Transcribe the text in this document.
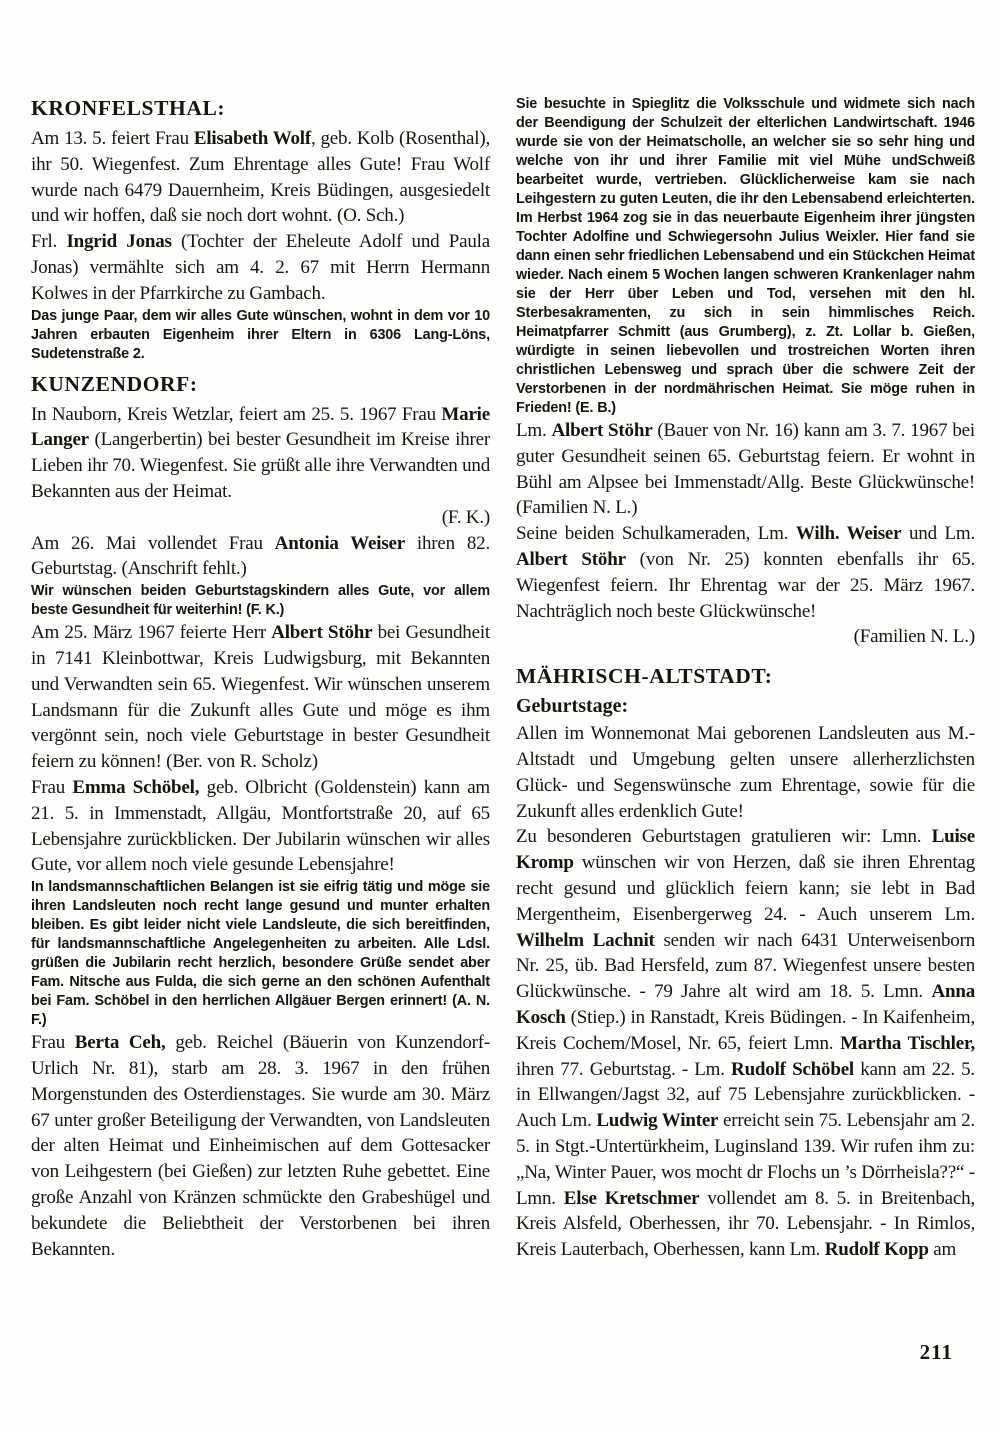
KRONFELSTHAL:

Am 13. 5. feiert Frau Elisabeth Wolf, geb. Kolb (Rosenthal), ihr 50. Wiegenfest. Zum Ehrentage alles Gute! Frau Wolf wurde nach 6479 Dauernheim, Kreis Büdingen, ausgesiedelt und wir hoffen, daß sie noch dort wohnt. (O. Sch.)

Frl. Ingrid Jonas (Tochter der Eheleute Adolf und Paula Jonas) vermählte sich am 4. 2. 67 mit Herrn Hermann Kolwes in der Pfarrkirche zu Gambach.

Das junge Paar, dem wir alles Gute wünschen, wohnt in dem vor 10 Jahren erbauten Eigenheim ihrer Eltern in 6306 Lang-Löns, Sudetenstraße 2.

KUNZENDORF:

In Nauborn, Kreis Wetzlar, feiert am 25. 5. 1967 Frau Marie Langer (Langerbertin) bei bester Gesundheit im Kreise ihrer Lieben ihr 70. Wiegenfest. Sie grüßt alle ihre Verwandten und Bekannten aus der Heimat.

(F. K.)

Am 26. Mai vollendet Frau Antonia Weiser ihren 82. Geburtstag. (Anschrift fehlt.)

Wir wünschen beiden Geburtstagskindern alles Gute, vor allem beste Gesundheit für weiterhin! (F. K.)

Am 25. März 1967 feierte Herr Albert Stöhr bei Gesundheit in 7141 Kleinbottwar, Kreis Ludwigsburg, mit Bekannten und Verwandten sein 65. Wiegenfest. Wir wünschen unserem Landsmann für die Zukunft alles Gute und möge es ihm vergönnt sein, noch viele Geburtstage in bester Gesundheit feiern zu können! (Ber. von R. Scholz)

Frau Emma Schöbel, geb. Olbricht (Goldenstein) kann am 21. 5. in Immenstadt, Allgäu, Montfortstraße 20, auf 65 Lebensjahre zurückblicken. Der Jubilarin wünschen wir alles Gute, vor allem noch viele gesunde Lebensjahre!

In landsmannschaftlichen Belangen ist sie eifrig tätig und möge sie ihren Landsleuten noch recht lange gesund und munter erhalten bleiben. Es gibt leider nicht viele Landsleute, die sich bereitfinden, für landsmannschaftliche Angelegenheiten zu arbeiten. Alle Ldsl. grüßen die Jubilarin recht herzlich, besondere Grüße sendet aber Fam. Nitsche aus Fulda, die sich gerne an den schönen Aufenthalt bei Fam. Schöbel in den herrlichen Allgäuer Bergen erinnert! (A. N. F.)

Frau Berta Ceh, geb. Reichel (Bäuerin von Kunzendorf-Urlich Nr. 81), starb am 28. 3. 1967 in den frühen Morgenstunden des Osterdienstages. Sie wurde am 30. März 67 unter großer Beteiligung der Verwandten, von Landsleuten der alten Heimat und Einheimischen auf dem Gottesacker von Leihgestern (bei Gießen) zur letzten Ruhe gebettet. Eine große Anzahl von Kränzen schmückte den Grabeshügel und bekundete die Beliebtheit der Verstorbenen bei ihren Bekannten.

Sie besuchte in Spieglitz die Volksschule und widmete sich nach der Beendigung der Schulzeit der elterlichen Landwirtschaft. 1946 wurde sie von der Heimatscholle, an welcher sie so sehr hing und welche von ihr und ihrer Familie mit viel Mühe undSchweiß bearbeitet wurde, vertrieben. Glücklicherweise kam sie nach Leihgestern zu guten Leuten, die ihr den Lebensabend erleichterten. Im Herbst 1964 zog sie in das neuerbaute Eigenheim ihrer jüngsten Tochter Adolfine und Schwiegersohn Julius Weixler. Hier fand sie dann einen sehr friedlichen Lebensabend und ein Stückchen Heimat wieder. Nach einem 5 Wochen langen schweren Krankenlager nahm sie der Herr über Leben und Tod, versehen mit den hl. Sterbesakramenten, zu sich in sein himmlisches Reich. Heimatpfarrer Schmitt (aus Grumberg), z. Zt. Lollar b. Gießen, würdigte in seinen liebevollen und trostreichen Worten ihren christlichen Lebensweg und sprach über die schwere Zeit der Verstorbenen in der nordmährischen Heimat. Sie möge ruhen in Frieden! (E. B.)

Lm. Albert Stöhr (Bauer von Nr. 16) kann am 3. 7. 1967 bei guter Gesundheit seinen 65. Geburtstag feiern. Er wohnt in Bühl am Alpsee bei Immenstadt/Allg. Beste Glückwünsche! (Familien N. L.)

Seine beiden Schulkameraden, Lm. Wilh. Weiser und Lm. Albert Stöhr (von Nr. 25) konnten ebenfalls ihr 65. Wiegenfest feiern. Ihr Ehrentag war der 25. März 1967. Nachträglich noch beste Glückwünsche!

(Familien N. L.)

MÄHRISCH-ALTSTADT:

Geburtstage:

Allen im Wonnemonat Mai geborenen Landsleuten aus M.-Altstadt und Umgebung gelten unsere allerherzlichsten Glück- und Segenswünsche zum Ehrentage, sowie für die Zukunft alles erdenklich Gute!

Zu besonderen Geburtstagen gratulieren wir: Lmn. Luise Kromp wünschen wir von Herzen, daß sie ihren Ehrentag recht gesund und glücklich feiern kann; sie lebt in Bad Mergentheim, Eisenbergerweg 24. - Auch unserem Lm. Wilhelm Lachnit senden wir nach 6431 Unterweisenborn Nr. 25, üb. Bad Hersfeld, zum 87. Wiegenfest unsere besten Glückwünsche. - 79 Jahre alt wird am 18. 5. Lmn. Anna Kosch (Stiep.) in Ranstadt, Kreis Büdingen. - In Kaifenheim, Kreis Cochem/Mosel, Nr. 65, feiert Lmn. Martha Tischler, ihren 77. Geburtstag. - Lm. Rudolf Schöbel kann am 22. 5. in Ellwangen/Jagst 32, auf 75 Lebensjahre zurückblicken. - Auch Lm. Ludwig Winter erreicht sein 75. Lebensjahr am 2. 5. in Stgt.-Untertürkheim, Luginsland 139. Wir rufen ihm zu: „Na, Winter Pauer, wos mocht dr Flochs un ’s Dörrheisla??“ - Lmn. Else Kretschmer vollendet am 8. 5. in Breitenbach, Kreis Alsfeld, Oberhessen, ihr 70. Lebensjahr. - In Rimlos, Kreis Lauterbach, Oberhessen, kann Lm. Rudolf Kopp am

211
